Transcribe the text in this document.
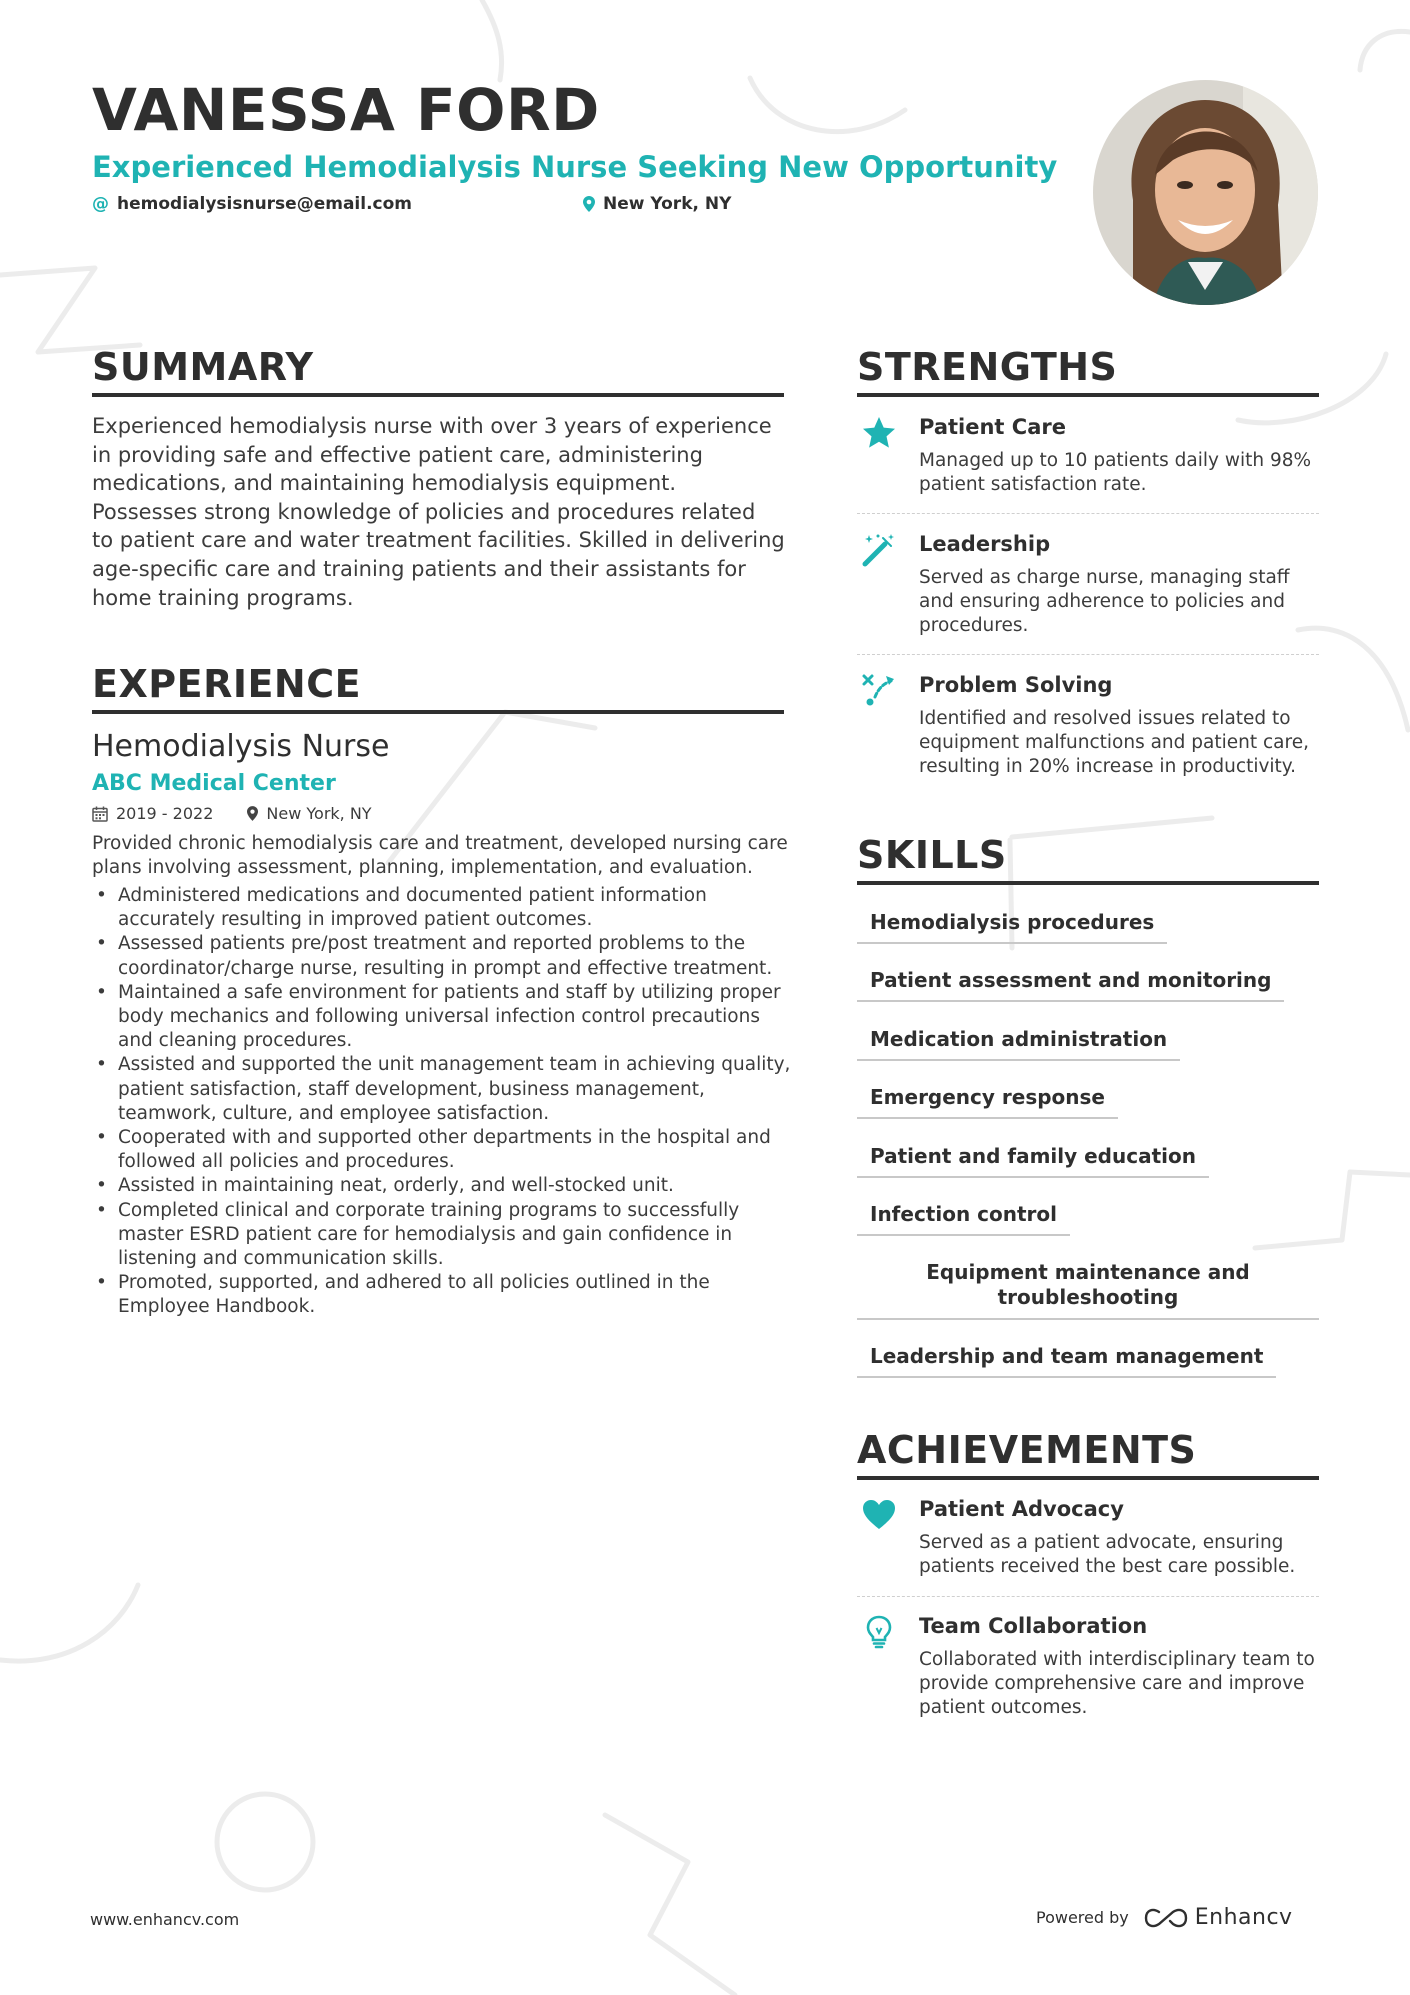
VANESSA FORD
Experienced Hemodialysis Nurse Seeking New Opportunity
@ hemodialysisnurse@email.com	New York, NY
SUMMARY
Experienced hemodialysis nurse with over 3 years of experience
in providing safe and effective patient care, administering
medications, and maintaining hemodialysis equipment.
Possesses strong knowledge of policies and procedures related
to patient care and water treatment facilities. Skilled in delivering
age-specific care and training patients and their assistants for
home training programs.
EXPERIENCE
Hemodialysis Nurse
ABC Medical Center
2019 - 2022	New York, NY
Provided chronic hemodialysis care and treatment, developed nursing care
plans involving assessment, planning, implementation, and evaluation.
• Administered medications and documented patient information
accurately resulting in improved patient outcomes.
• Assessed patients pre/post treatment and reported problems to the
coordinator/charge nurse, resulting in prompt and effective treatment.
• Maintained a safe environment for patients and staff by utilizing proper
body mechanics and following universal infection control precautions
and cleaning procedures.
• Assisted and supported the unit management team in achieving quality,
patient satisfaction, staff development, business management,
teamwork, culture, and employee satisfaction.
• Cooperated with and supported other departments in the hospital and
followed all policies and procedures.
• Assisted in maintaining neat, orderly, and well-stocked unit.
• Completed clinical and corporate training programs to successfully
master ESRD patient care for hemodialysis and gain confidence in
listening and communication skills.
• Promoted, supported, and adhered to all policies outlined in the
Employee Handbook.
STRENGTHS
Patient Care
Managed up to 10 patients daily with 98%
patient satisfaction rate.
Leadership
Served as charge nurse, managing staff
and ensuring adherence to policies and
procedures.
Problem Solving
Identified and resolved issues related to
equipment malfunctions and patient care,
resulting in 20% increase in productivity.
SKILLS
Hemodialysis procedures
Patient assessment and monitoring
Medication administration
Emergency response
Patient and family education
Infection control
Equipment maintenance and
troubleshooting
Leadership and team management
ACHIEVEMENTS
Patient Advocacy
Served as a patient advocate, ensuring
patients received the best care possible.
Team Collaboration
Collaborated with interdisciplinary team to
provide comprehensive care and improve
patient outcomes.
www.enhancv.com	Powered by	Enhancv
